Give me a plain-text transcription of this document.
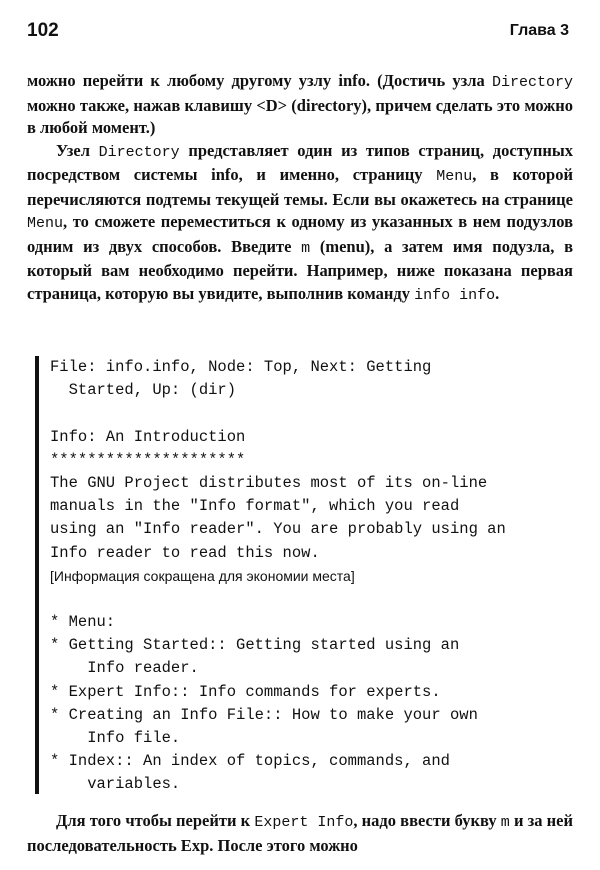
102	Глава 3

можно перейти к любому другому узлу info. (Достичь узла Directory можно также, нажав клавишу <D> (directory), причем сделать это можно в любой момент.)

Узел Directory представляет один из типов страниц, доступных посредством системы info, и именно, страницу Menu, в которой перечисляются подтемы текущей темы. Если вы окажетесь на странице Menu, то сможете переместиться к одному из указанных в нем подузлов одним из двух способов. Введите m (menu), а затем имя подузла, в который вам необходимо перейти. Например, ниже показана первая страница, которую вы увидите, выполнив команду info info.

File: info.info, Node: Top, Next: Getting
Started, Up: (dir)
Info: An Introduction
*********************
The GNU Project distributes most of its on-line
manuals in the "Info format", which you read
using an "Info reader". You are probably using an
Info reader to read this now.
[Информация сокращена для экономии места]
* Menu:
* Getting Started:: Getting started using an
Info reader.
* Expert Info:: Info commands for experts.
* Creating an Info File:: How to make your own
Info file.
* Index:: An index of topics, commands, and
variables.

Для того чтобы перейти к Expert Info, надо ввести букву m и за ней последовательность Exp. После этого можно
